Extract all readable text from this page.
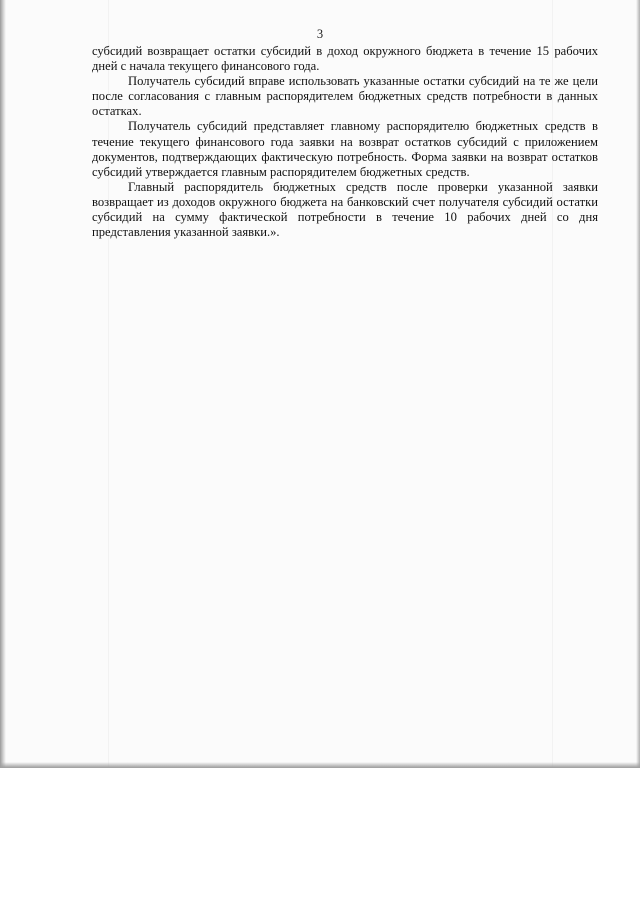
3

субсидий возвращает остатки субсидий в доход окружного бюджета в течение 15 рабочих дней с начала текущего финансового года.

Получатель субсидий вправе использовать указанные остатки субсидий на те же цели после согласования с главным распорядителем бюджетных средств потребности в данных остатках.

Получатель субсидий представляет главному распорядителю бюджетных средств в течение текущего финансового года заявки на возврат остатков субсидий с приложением документов, подтверждающих фактическую потребность. Форма заявки на возврат остатков субсидий утверждается главным распорядителем бюджетных средств.

Главный распорядитель бюджетных средств после проверки указанной заявки возвращает из доходов окружного бюджета на банковский счет получателя субсидий остатки субсидий на сумму фактической потребности в течение 10 рабочих дней со дня представления указанной заявки.».
